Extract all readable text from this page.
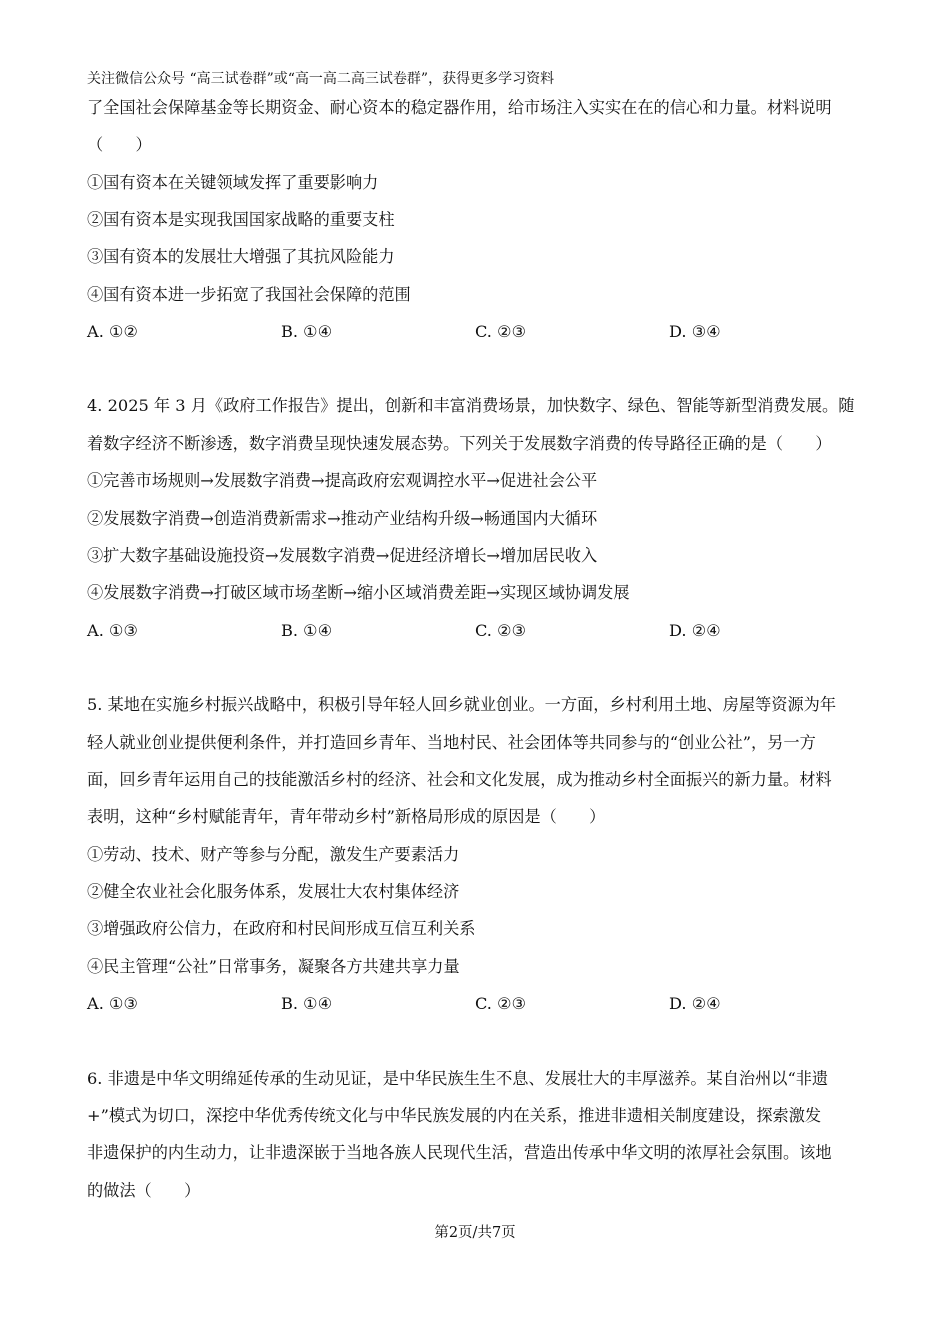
关注微信公众号 “高三试卷群”或“高一高二高三试卷群”，获得更多学习资料
了全国社会保障基金等长期资金、耐心资本的稳定器作用，给市场注入实实在在的信心和力量。材料说明
（　　）
①国有资本在关键领域发挥了重要影响力
②国有资本是实现我国国家战略的重要支柱
③国有资本的发展壮大增强了其抗风险能力
④国有资本进一步拓宽了我国社会保障的范围
A. ①②	B. ①④	C. ②③	D. ③④
4. 2025 年 3 月《政府工作报告》提出，创新和丰富消费场景，加快数字、绿色、智能等新型消费发展。随
着数字经济不断渗透，数字消费呈现快速发展态势。下列关于发展数字消费的传导路径正确的是（　　）
①完善市场规则→发展数字消费→提高政府宏观调控水平→促进社会公平
②发展数字消费→创造消费新需求→推动产业结构升级→畅通国内大循环
③扩大数字基础设施投资→发展数字消费→促进经济增长→增加居民收入
④发展数字消费→打破区域市场垄断→缩小区域消费差距→实现区域协调发展
A. ①③	B. ①④	C. ②③	D. ②④
5. 某地在实施乡村振兴战略中，积极引导年轻人回乡就业创业。一方面，乡村利用土地、房屋等资源为年
轻人就业创业提供便利条件，并打造回乡青年、当地村民、社会团体等共同参与的“创业公社”，另一方
面，回乡青年运用自己的技能激活乡村的经济、社会和文化发展，成为推动乡村全面振兴的新力量。材料
表明，这种“乡村赋能青年，青年带动乡村”新格局形成的原因是（　　）
①劳动、技术、财产等参与分配，激发生产要素活力
②健全农业社会化服务体系，发展壮大农村集体经济
③增强政府公信力，在政府和村民间形成互信互利关系
④民主管理“公社”日常事务，凝聚各方共建共享力量
A. ①③	B. ①④	C. ②③	D. ②④
6. 非遗是中华文明绵延传承的生动见证，是中华民族生生不息、发展壮大的丰厚滋养。某自治州以“非遗
+”模式为切口，深挖中华优秀传统文化与中华民族发展的内在关系，推进非遗相关制度建设，探索激发
非遗保护的内生动力，让非遗深嵌于当地各族人民现代生活，营造出传承中华文明的浓厚社会氛围。该地
的做法（　　）
第2页/共7页
